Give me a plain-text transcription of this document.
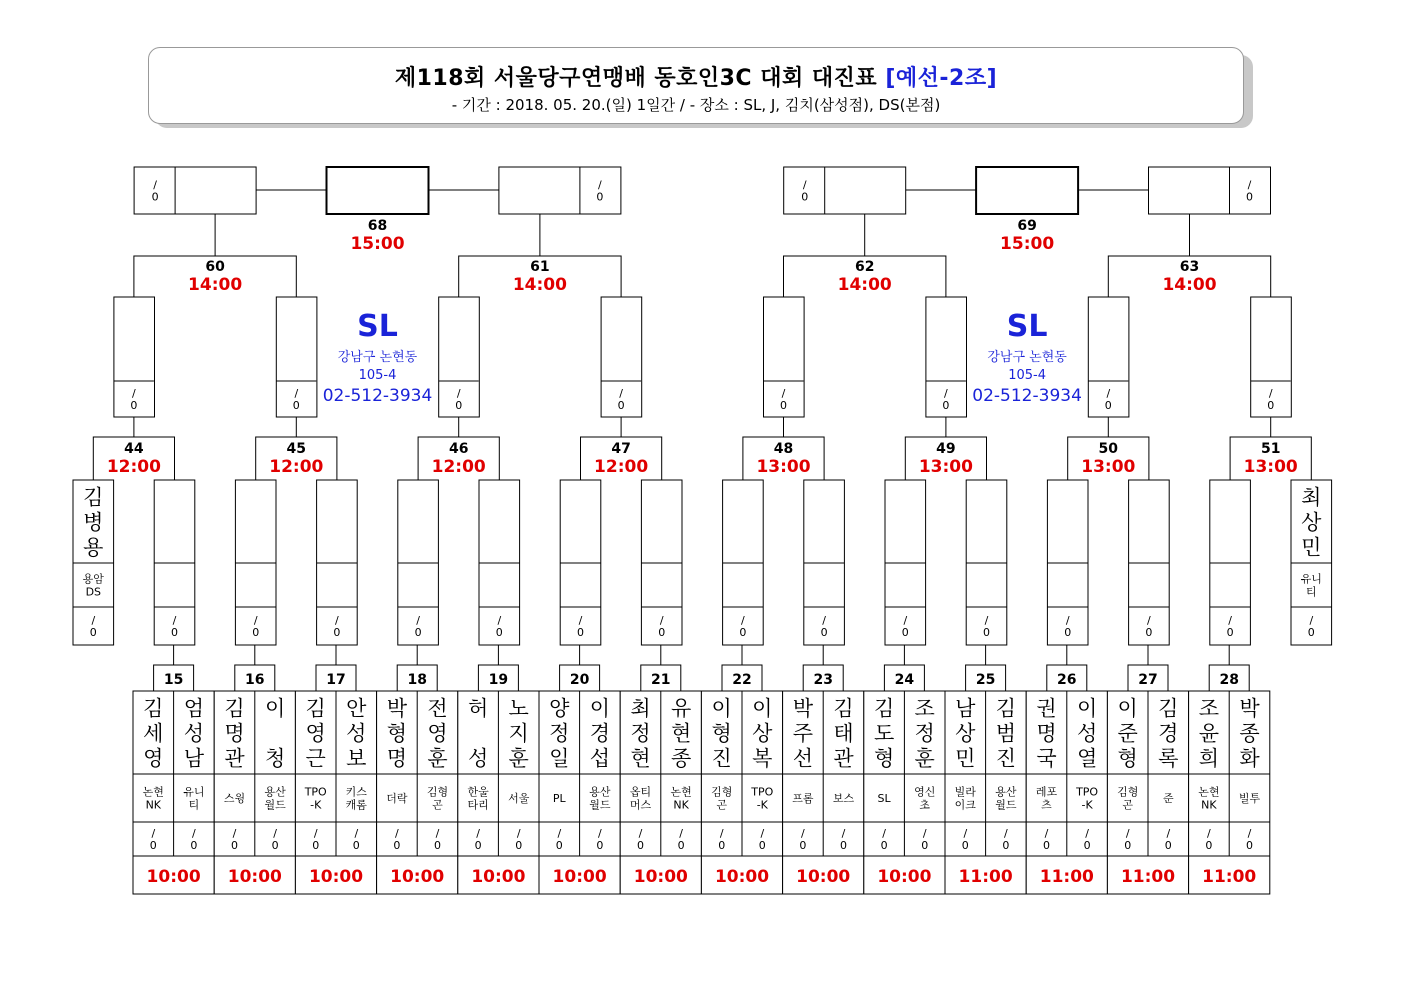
제118회 서울당구연맹배 동호인3C 대회 대진표 [예선-2조]
- 기간 : 2018. 05. 20.(일) 1일간 / - 장소 : SL, J, 김치(삼성점), DS(본점)
김
세
영
논현
NK
/
0
엄
성
남
유니
티
/
0
10:00
15
김
명
관
스윙
/
0
이
청
용산
월드
/
0
10:00
16
김
영
근
TPO
-K
/
0
안
성
보
키스
캐롬
/
0
10:00
17
박
형
명
더락
/
0
전
영
훈
김형
곤
/
0
10:00
18
허
성
한울
타리
/
0
노
지
훈
서울
/
0
10:00
19
양
정
일
PL
/
0
이
경
섭
용산
월드
/
0
10:00
20
최
정
현
옵티
머스
/
0
유
현
종
논현
NK
/
0
10:00
21
이
형
진
김형
곤
/
0
이
상
복
TPO
-K
/
0
10:00
22
박
주
선
프롬
/
0
김
태
관
보스
/
0
10:00
23
김
도
형
SL
/
0
조
정
훈
영신
초
/
0
10:00
24
남
상
민
빌라
이크
/
0
김
범
진
용산
월드
/
0
11:00
25
권
명
국
레포
츠
/
0
이
성
열
TPO
-K
/
0
11:00
26
이
준
형
김형
곤
/
0
김
경
록
준
/
0
11:00
27
조
윤
희
논현
NK
/
0
박
종
화
빌투
/
0
11:00
28
김
병
용
용암
DS
/
0
/
0
/
0
/
0
/
0
/
0
/
0
/
0
/
0
/
0
/
0
/
0
/
0
/
0
/
0
최
상
민
유니
티
/
0
44
12:00
45
12:00
46
12:00
47
12:00
48
13:00
49
13:00
50
13:00
51
13:00
/
0
/
0
/
0
/
0
/
0
/
0
/
0
/
0
60
14:00
61
14:00
62
14:00
63
14:00
/
0
/
0
68
15:00
SL
강남구 논현동
105-4
02-512-3934
/
0
/
0
69
15:00
SL
강남구 논현동
105-4
02-512-3934
